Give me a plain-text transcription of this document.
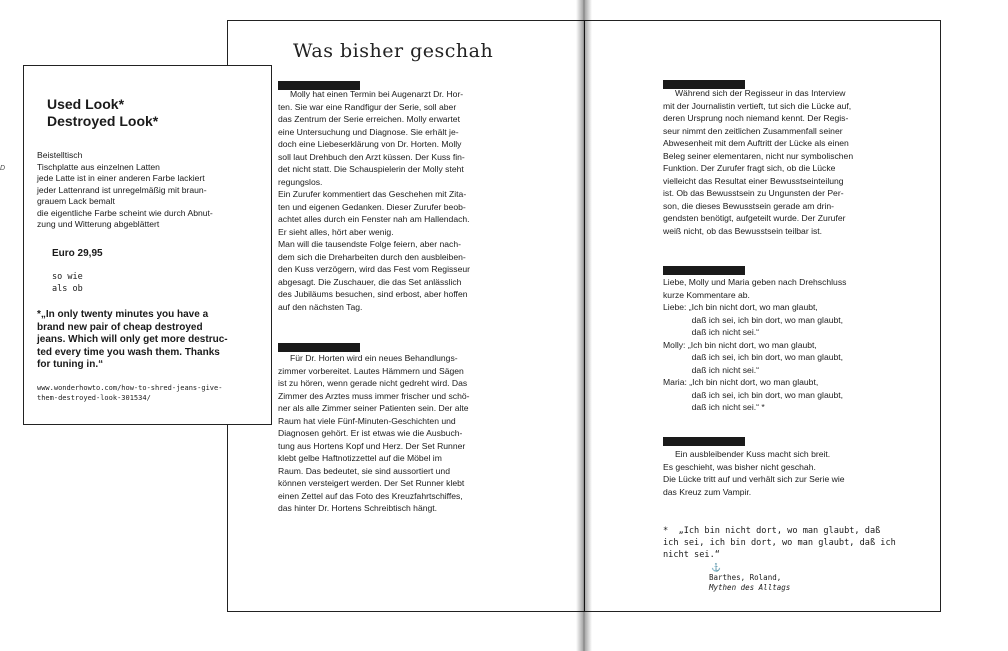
D
Was bisher geschah
Molly hat einen Termin bei Augenarzt Dr. Hor-
ten. Sie war eine Randfigur der Serie, soll aber
das Zentrum der Serie erreichen. Molly erwartet
eine Untersuchung und Diagnose. Sie erhält je-
doch eine Liebeserklärung von Dr. Horten. Molly
soll laut Drehbuch den Arzt küssen. Der Kuss fin-
det nicht statt. Die Schauspielerin der Molly steht
regungslos.
Ein Zurufer kommentiert das Geschehen mit Zita-
ten und eigenen Gedanken. Dieser Zurufer beob-
achtet alles durch ein Fenster nah am Hallendach.
Er sieht alles, hört aber wenig.
Man will die tausendste Folge feiern, aber nach-
dem sich die Dreharbeiten durch den ausbleiben-
den Kuss verzögern, wird das Fest vom Regisseur
abgesagt. Die Zuschauer, die das Set anlässlich
des Jubiläums besuchen, sind erbost, aber hoffen
auf den nächsten Tag.
Für Dr. Horten wird ein neues Behandlungs-
zimmer vorbereitet. Lautes Hämmern und Sägen
ist zu hören, wenn gerade nicht gedreht wird. Das
Zimmer des Arztes muss immer frischer und schö-
ner als alle Zimmer seiner Patienten sein. Der alte
Raum hat viele Fünf-Minuten-Geschichten und
Diagnosen gehört. Er ist etwas wie die Ausbuch-
tung aus Hortens Kopf und Herz. Der Set Runner
klebt gelbe Haftnotizzettel auf die Möbel im
Raum. Das bedeutet, sie sind aussortiert und
können versteigert werden. Der Set Runner klebt
einen Zettel auf das Foto des Kreuzfahrtschiffes,
das hinter Dr. Hortens Schreibtisch hängt.
Während sich der Regisseur in das Interview
mit der Journalistin vertieft, tut sich die Lücke auf,
deren Ursprung noch niemand kennt. Der Regis-
seur nimmt den zeitlichen Zusammenfall seiner
Abwesenheit mit dem Auftritt der Lücke als einen
Beleg seiner elementaren, nicht nur symbolischen
Funktion. Der Zurufer fragt sich, ob die Lücke
vielleicht das Resultat einer Bewusstseinteilung
ist. Ob das Bewusstsein zu Ungunsten der Per-
son, die dieses Bewusstsein gerade am drin-
gendsten benötigt, aufgeteilt wurde. Der Zurufer
weiß nicht, ob das Bewusstsein teilbar ist.
Liebe, Molly und Maria geben nach Drehschluss
kurze Kommentare ab.
Liebe: „Ich bin nicht dort, wo man glaubt,
daß ich sei, ich bin dort, wo man glaubt,
daß ich nicht sei.“
Molly: „Ich bin nicht dort, wo man glaubt,
daß ich sei, ich bin dort, wo man glaubt,
daß ich nicht sei.“
Maria: „Ich bin nicht dort, wo man glaubt,
daß ich sei, ich bin dort, wo man glaubt,
daß ich nicht sei.“ *
Ein ausbleibender Kuss macht sich breit.
Es geschieht, was bisher nicht geschah.
Die Lücke tritt auf und verhält sich zur Serie wie
das Kreuz zum Vampir.
*  „Ich bin nicht dort, wo man glaubt, daß
ich sei, ich bin dort, wo man glaubt, daß ich
nicht sei.“
⚓
Barthes, Roland,
Mythen des Alltags
Used Look*
Destroyed Look*
Beistelltisch
Tischplatte aus einzelnen Latten
jede Latte ist in einer anderen Farbe lackiert
jeder Lattenrand ist unregelmäßig mit braun-
grauem Lack bemalt
die eigentliche Farbe scheint wie durch Abnut-
zung und Witterung abgeblättert
Euro 29,95
so wie
als ob
*„In only twenty minutes you have a
brand new pair of cheap destroyed
jeans. Which will only get more destruc-
ted every time you wash them. Thanks
for tuning in.“
www.wonderhowto.com/how-to-shred-jeans-give-
them-destroyed-look-301534/
